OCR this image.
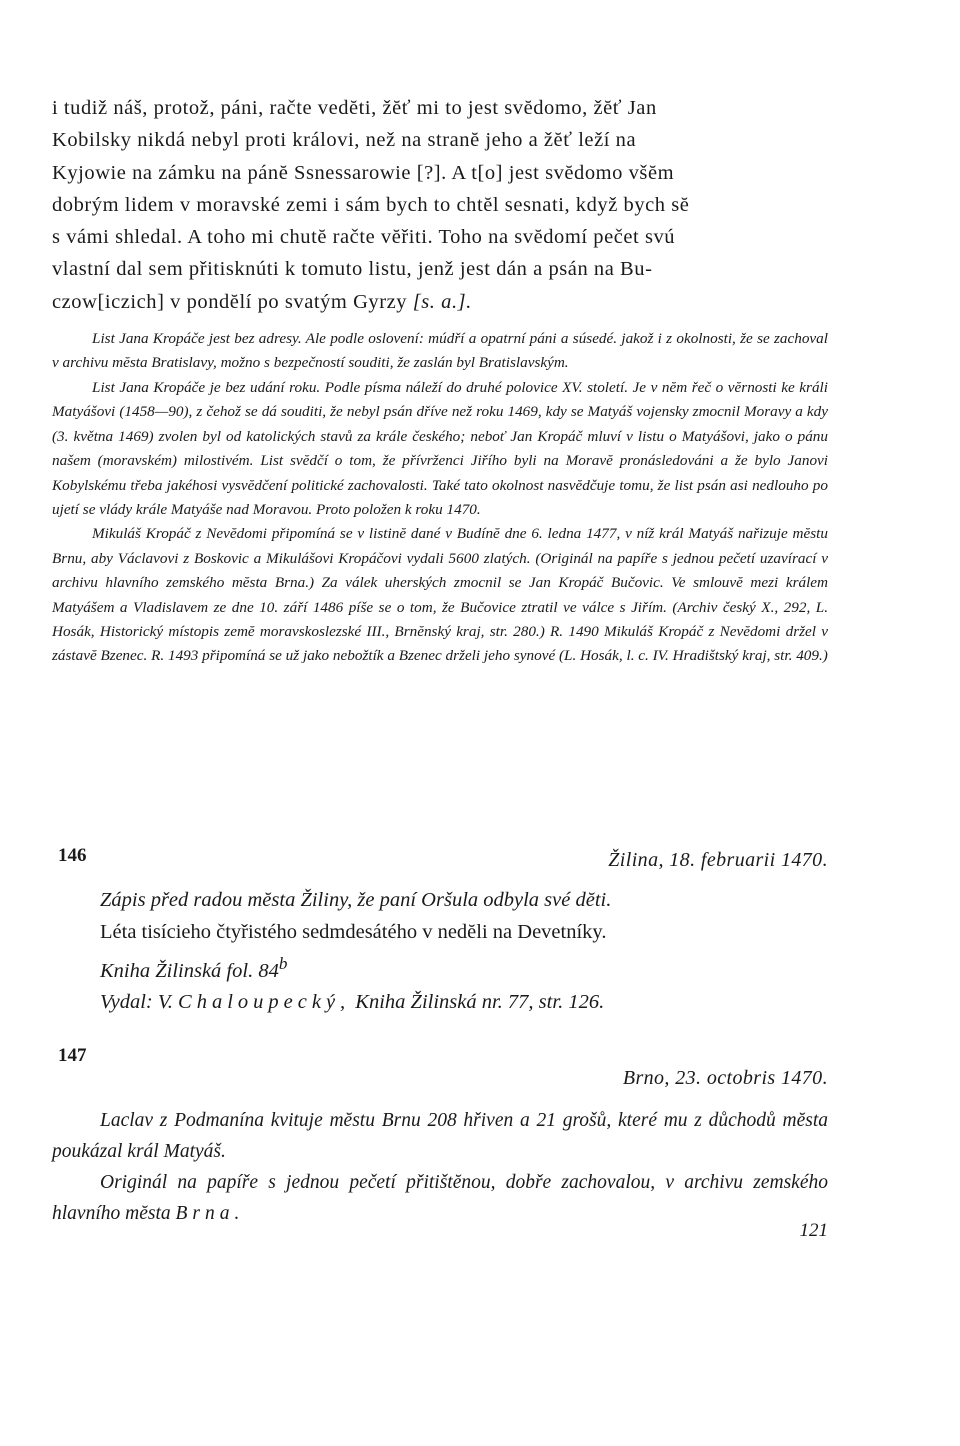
i tudiž náš, protož, páni, račte vedĕti, žĕť mi to jest svĕdomo, žĕť Jan
Kobilsky nikdá nebyl proti královi, než na stranĕ jeho a žĕť leží na
Kyjowie na zámku na pánĕ Ssnessarowie [?]. A t[o] jest svĕdomo všĕm
dobrým lidem v moravské zemi i sám bych to chtĕl sesnati, když bych sĕ
s vámi shledal. A toho mi chutĕ račte vĕřiti. Toho na svĕdomí pečet svú
vlastní dal sem přitisknúti k tomuto listu, jenž jest dán a psán na Bu-
czow[iczich] v pondĕlí po svatým Gyrzy [s. a.].

List Jana Kropáče jest bez adresy. Ale podle oslovení: múdří a opatrní páni a súsedé. jakož i z okolnosti, že se zachoval v archivu mĕsta Bratislavy, možno s bezpečností souditi, že zaslán byl Bratislavským.

List Jana Kropáče je bez udání roku. Podle písma náleží do druhé polovice XV. století. Je v nĕm řeč o vĕrnosti ke králi Matyášovi (1458—90), z čehož se dá souditi, že nebyl psán dříve než roku 1469, kdy se Matyáš vojensky zmocnil Moravy a kdy (3. května 1469) zvolen byl od katolických stavů za krále českého; neboť Jan Kropáč mluví v listu o Matyášovi, jako o pánu našem (moravském) milostivém. List svĕdčí o tom, že přívrženci Jiřího byli na Moravĕ pronásledováni a že bylo Janovi Kobylskému třeba jakéhosi vysvĕdčení politické zachovalosti. Také tato okolnost nasvĕdčuje tomu, že list psán asi nedlouho po ujetí se vlády krále Matyáše nad Moravou. Proto položen k roku 1470.

Mikuláš Kropáč z Nevĕdomi připomíná se v listinĕ dané v Budínĕ dne 6. ledna 1477, v níž král Matyáš nařizuje mĕstu Brnu, aby Václavovi z Boskovic a Mikulášovi Kropáčovi vydali 5600 zlatých. (Originál na papíře s jednou pečetí uzavírací v archivu hlavního zemského mĕsta Brna.) Za válek uherských zmocnil se Jan Kropáč Bučovic. Ve smlouvĕ mezi králem Matyášem a Vladislavem ze dne 10. září 1486 píše se o tom, že Bučovice ztratil ve válce s Jiřím. (Archiv český X., 292, L. Hosák, Historický místopis zemĕ moravskoslezské III., Brnĕnský kraj, str. 280.) R. 1490 Mikuláš Kropáč z Nevĕdomi držel v zástavĕ Bzenec. R. 1493 připomíná se už jako nebožtík a Bzenec drželi jeho synové (L. Hosák, l. c. IV. Hradištský kraj, str. 409.)

146	Žilina, 18. februarii 1470.
Zápis před radou mĕsta Žiliny, že paní Oršula odbyla své dĕti.
Léta tisícieho čtyřistého sedmdesátého v nedĕli na Devetníky.
Kniha Žilinská fol. 84$^b$
Vydal: V. Chaloupecký, Kniha Žilinská nr. 77, str. 126.
147
Brno, 23. octobris 1470.

Laclav z Podmanína kvituje mĕstu Brnu 208 hřiven a 21 grošů, které mu z důchodů mĕsta poukázal král Matyáš.

Originál na papíře s jednou pečetí přitištĕnou, dobře zachovalou, v archivu zemského hlavního mĕsta Brna.

121
